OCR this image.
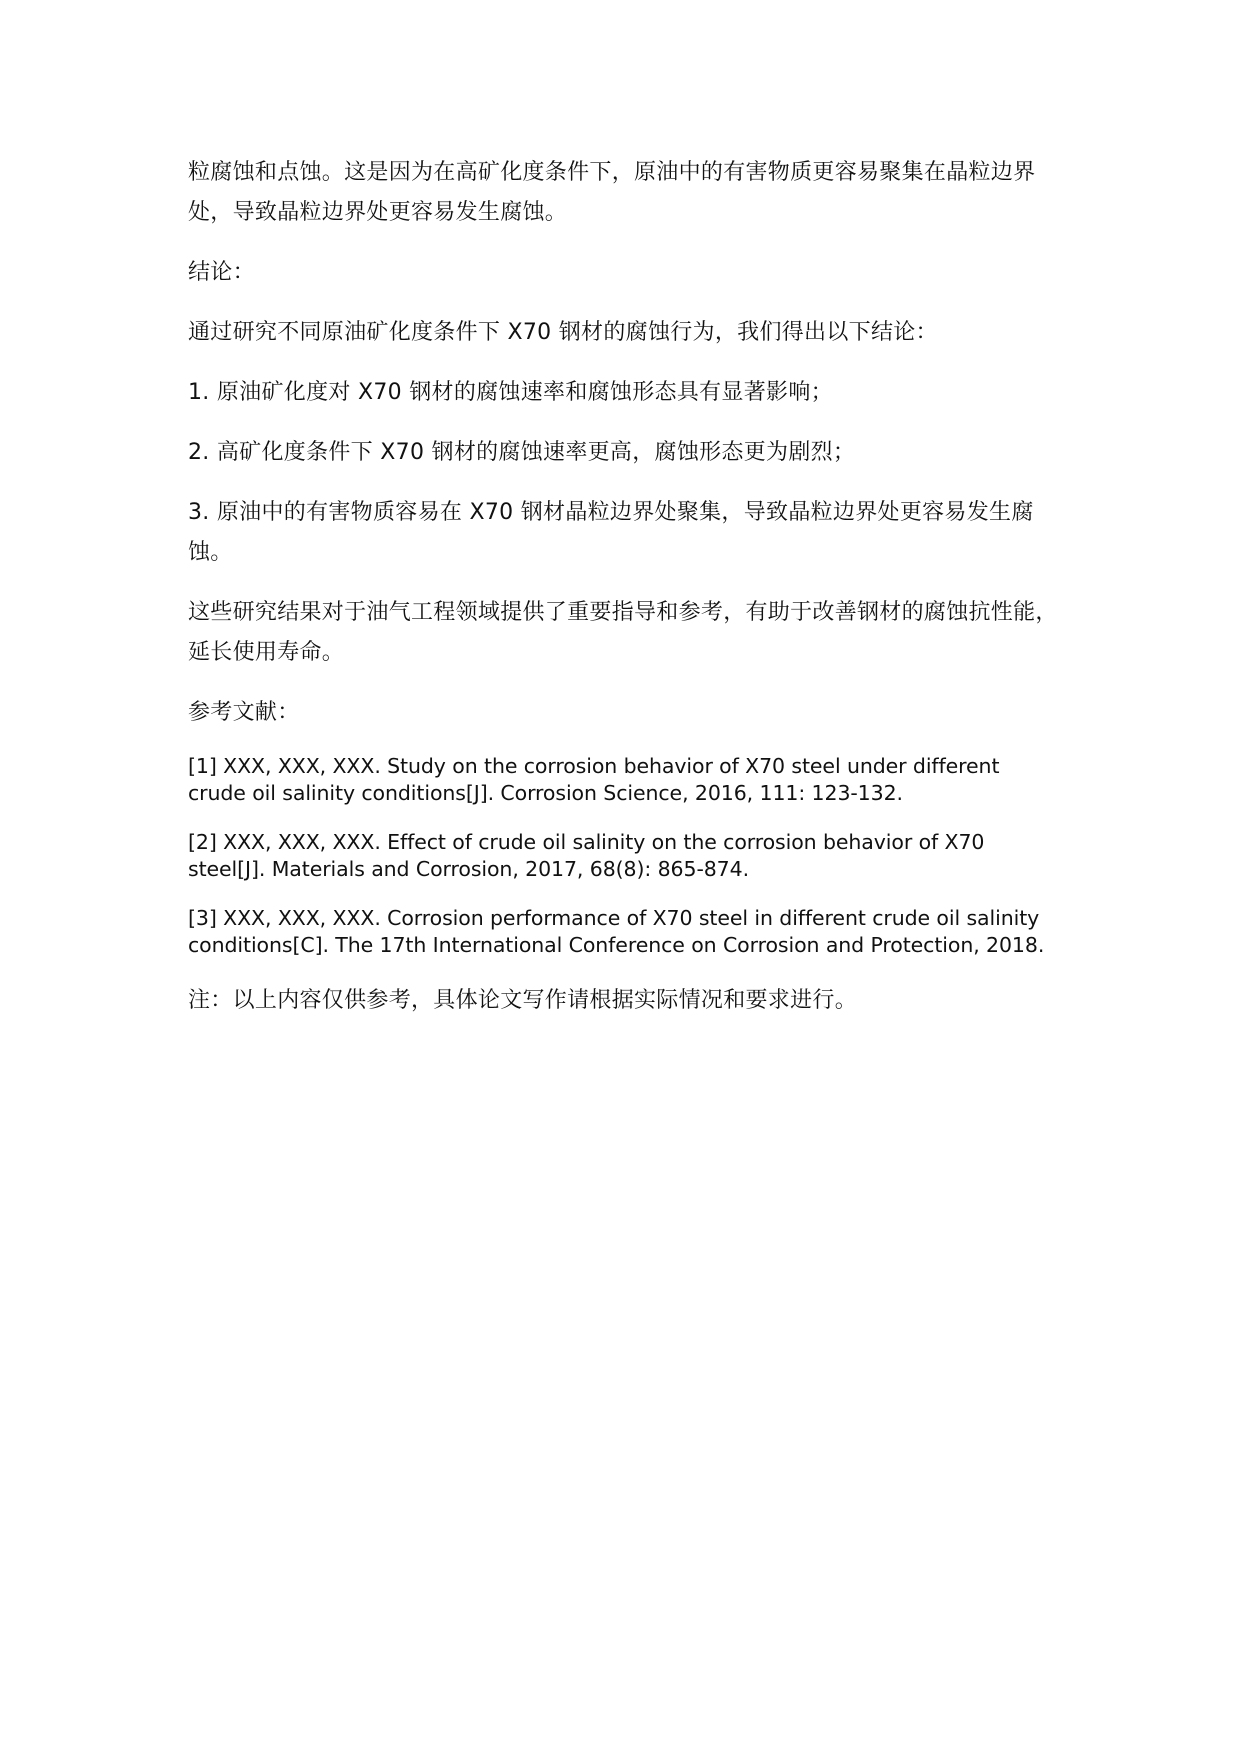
粒腐蚀和点蚀。这是因为在高矿化度条件下，原油中的有害物质更容易聚集在晶粒边界处，导致晶粒边界处更容易发生腐蚀。

结论：

通过研究不同原油矿化度条件下 X70 钢材的腐蚀行为，我们得出以下结论：

1. 原油矿化度对 X70 钢材的腐蚀速率和腐蚀形态具有显著影响；

2. 高矿化度条件下 X70 钢材的腐蚀速率更高，腐蚀形态更为剧烈；

3. 原油中的有害物质容易在 X70 钢材晶粒边界处聚集，导致晶粒边界处更容易发生腐蚀。

这些研究结果对于油气工程领域提供了重要指导和参考，有助于改善钢材的腐蚀抗性能，延长使用寿命。

参考文献：

[1] XXX, XXX, XXX. Study on the corrosion behavior of X70 steel under different crude oil salinity conditions[J]. Corrosion Science, 2016, 111: 123-132.

[2] XXX, XXX, XXX. Effect of crude oil salinity on the corrosion behavior of X70 steel[J]. Materials and Corrosion, 2017, 68(8): 865-874.

[3] XXX, XXX, XXX. Corrosion performance of X70 steel in different crude oil salinity conditions[C]. The 17th International Conference on Corrosion and Protection, 2018.

注：以上内容仅供参考，具体论文写作请根据实际情况和要求进行。
